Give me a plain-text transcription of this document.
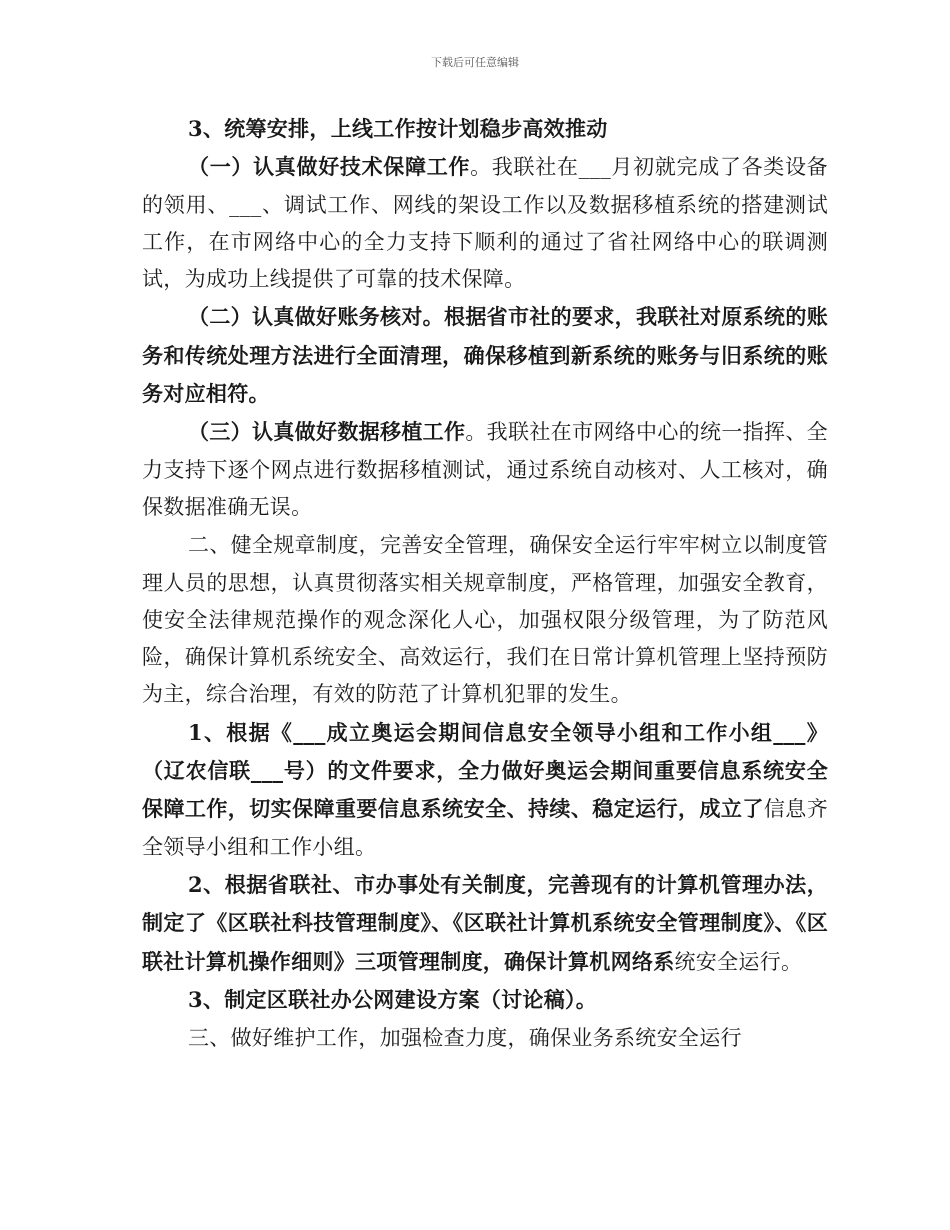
下载后可任意编辑

3、统筹安排，上线工作按计划稳步高效推动

（一）认真做好技术保障工作。我联社在___月初就完成了各类设备的领用、___、调试工作、网线的架设工作以及数据移植系统的搭建测试工作，在市网络中心的全力支持下顺利的通过了省社网络中心的联调测试，为成功上线提供了可靠的技术保障。

（二）认真做好账务核对。根据省市社的要求，我联社对原系统的账务和传统处理方法进行全面清理，确保移植到新系统的账务与旧系统的账务对应相符。

（三）认真做好数据移植工作。我联社在市网络中心的统一指挥、全力支持下逐个网点进行数据移植测试，通过系统自动核对、人工核对，确保数据准确无误。

二、健全规章制度，完善安全管理，确保安全运行牢牢树立以制度管理人员的思想，认真贯彻落实相关规章制度，严格管理，加强安全教育，使安全法律规范操作的观念深化人心，加强权限分级管理，为了防范风险，确保计算机系统安全、高效运行，我们在日常计算机管理上坚持预防为主，综合治理，有效的防范了计算机犯罪的发生。

1、根据《___成立奥运会期间信息安全领导小组和工作小组___》（辽农信联___号）的文件要求，全力做好奥运会期间重要信息系统安全保障工作，切实保障重要信息系统安全、持续、稳定运行，成立了信息齐全领导小组和工作小组。

2、根据省联社、市办事处有关制度，完善现有的计算机管理办法，制定了《区联社科技管理制度》、《区联社计算机系统安全管理制度》、《区联社计算机操作细则》三项管理制度，确保计算机网络系统安全运行。

3、制定区联社办公网建设方案（讨论稿）。

三、做好维护工作，加强检查力度，确保业务系统安全运行
